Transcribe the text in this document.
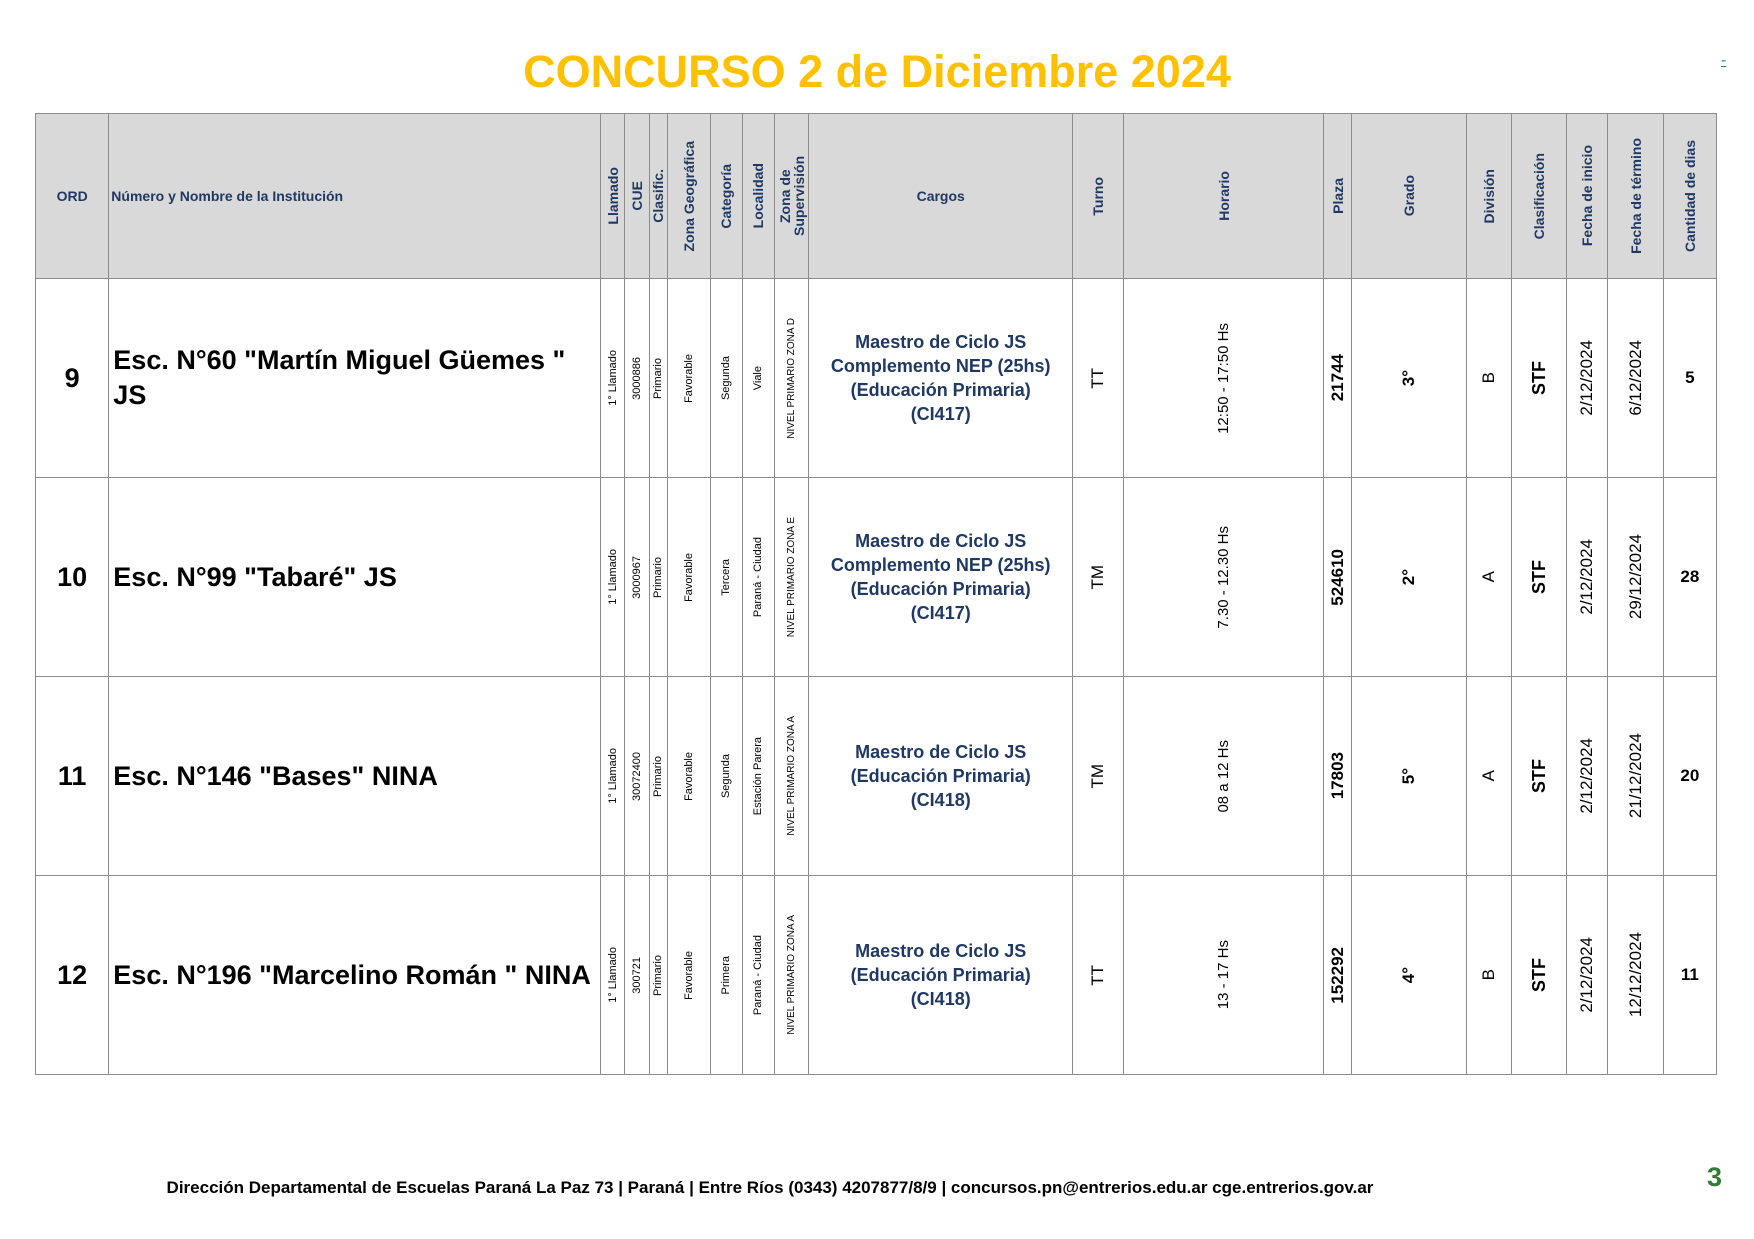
CONCURSO 2 de Diciembre 2024	-
ORD	Número y Nombre de la Institución	Llamado	CUE	Clasific.	Zona Geográfica	Categoría	Localidad	Zona de Supervisión	Cargos	Turno	Horario	Plaza	Grado	División	Clasificación	Fecha de inicio	Fecha de término	Cantidad de dias

9	Esc. N°60 "Martín Miguel Güemes " JS	1° Llamado	3000886	Primario	Favorable	Segunda	Viale	NIVEL PRIMARIO ZONA D	Maestro de Ciclo JS
Complemento NEP (25hs)
(Educación Primaria)
(CI417)	TT	12:50 - 17:50 Hs	21744	3°	B	STF	2/12/2024	6/12/2024	5
10	Esc. N°99 "Tabaré" JS	1° Llamado	3000967	Primario	Favorable	Tercera	Paraná - Ciudad	NIVEL PRIMARIO ZONA E	Maestro de Ciclo JS
Complemento NEP (25hs)
(Educación Primaria)
(CI417)	TM	7.30 - 12.30 Hs	524610	2°	A	STF	2/12/2024	29/12/2024	28
11	Esc. N°146 "Bases" NINA	1° Llamado	30072400	Primario	Favorable	Segunda	Estación Parera	NIVEL PRIMARIO ZONA A	Maestro de Ciclo JS
(Educación Primaria)
(CI418)	TM	08 a 12 Hs	17803	5°	A	STF	2/12/2024	21/12/2024	20
12	Esc. N°196 "Marcelino Román " NINA	1° Llamado	300721	Primario	Favorable	Primera	Paraná - Ciudad	NIVEL PRIMARIO ZONA A	Maestro de Ciclo JS
(Educación Primaria)
(CI418)	TT	13 - 17 Hs	152292	4°	B	STF	2/12/2024	12/12/2024	11
Dirección Departamental de Escuelas Paraná La Paz 73 | Paraná | Entre Ríos (0343) 4207877/8/9 | concursos.pn@entrerios.edu.ar cge.entrerios.gov.ar	3
